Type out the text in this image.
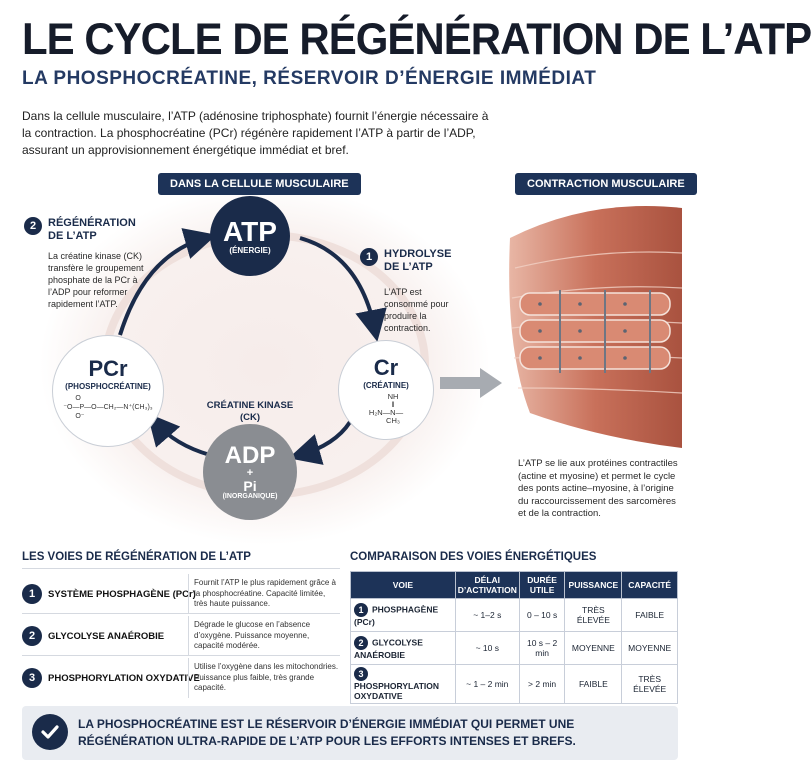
LE CYCLE DE RÉGÉNÉRATION DE L’ATP
LA PHOSPHOCRÉATINE, RÉSERVOIR D’ÉNERGIE IMMÉDIAT
Dans la cellule musculaire, l’ATP (adénosine triphosphate) fournit l’énergie nécessaire à la contraction. La phosphocréatine (PCr) régénère rapidement l’ATP à partir de l’ADP, assurant un approvisionnement énergétique immédiat et bref.
DANS LA CELLULE MUSCULAIRE
ATP
(ÉNERGIE)
PCr
(PHOSPHOCRÉATINE)
O
⁻O—P—O—CH₂—N⁺(CH₃)₃
O⁻
Cr
(CRÉATINE)
NH
‖
H₂N—N—
CH₃
ADP
+
Pi
(INORGANIQUE)
CRÉATINE KINASE
(CK)
2	RÉGÉNÉRATION
DE L’ATP
La créatine kinase (CK) transfère le groupement phosphate de la PCr à l’ADP pour reformer rapidement l’ATP.
1	HYDROLYSE
DE L’ATP
L’ATP est consommé pour produire la contraction.
CONTRACTION MUSCULAIRE
L’ATP se lie aux protéines contractiles (actine et myosine) et permet le cycle des ponts actine–myosine, à l’origine du raccourcissement des sarcomères et de la contraction.
LES VOIES DE RÉGÉNÉRATION DE L’ATP
1	SYSTÈME PHOSPHAGÈNE (PCr)
Fournit l’ATP le plus rapidement grâce à la phosphocréatine. Capacité limitée, très haute puissance.
2	GLYCOLYSE ANAÉROBIE
Dégrade le glucose en l’absence d’oxygène. Puissance moyenne, capacité modérée.
3	PHOSPHORYLATION OXYDATIVE
Utilise l’oxygène dans les mitochondries. Puissance plus faible, très grande capacité.
COMPARAISON DES VOIES ÉNERGÉTIQUES
VOIE	DÉLAI D’ACTIVATION	DURÉE UTILE	PUISSANCE	CAPACITÉ
1 PHOSPHAGÈNE (PCr)	~ 1–2 s	0 – 10 s	TRÈS ÉLEVÉE	FAIBLE
2 GLYCOLYSE ANAÉROBIE	~ 10 s	10 s – 2 min	MOYENNE	MOYENNE
3PHOSPHORYLATION OXYDATIVE	~ 1 – 2 min	> 2 min	FAIBLE	TRÈS ÉLEVÉE
LA PHOSPHOCRÉATINE EST LE RÉSERVOIR D’ÉNERGIE IMMÉDIAT QUI PERMET UNE RÉGÉNÉRATION ULTRA-RAPIDE DE L’ATP POUR LES EFFORTS INTENSES ET BREFS.
